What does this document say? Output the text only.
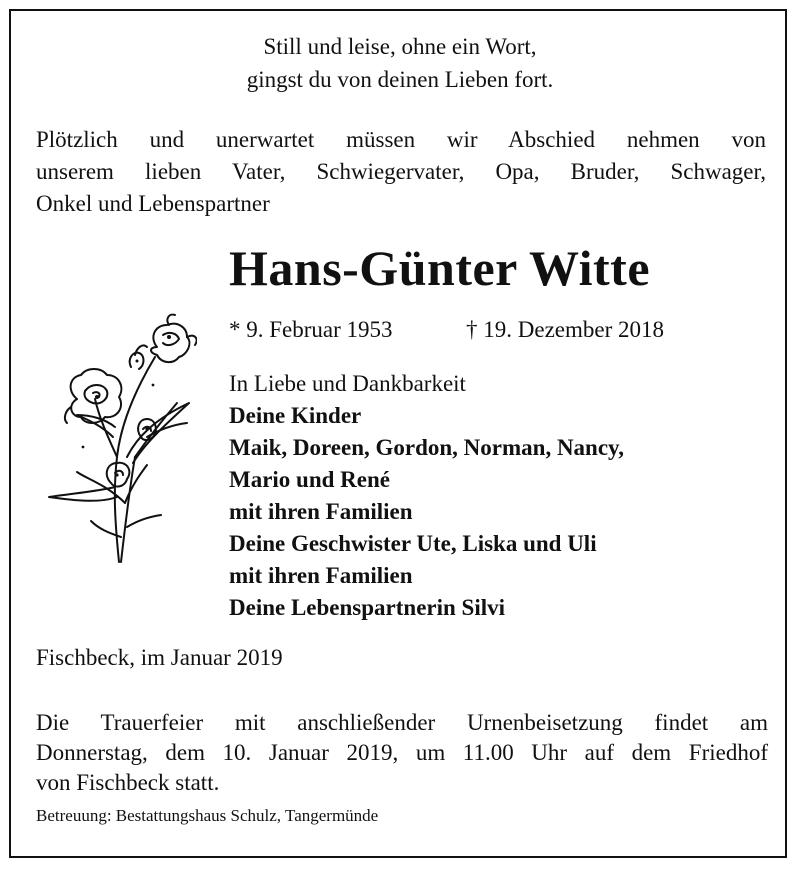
Still und leise, ohne ein Wort,
gingst du von deinen Lieben fort.
Plötzlich und unerwartet müssen wir Abschied nehmen von
unserem lieben Vater, Schwiegervater, Opa, Bruder, Schwager,
Onkel und Lebenspartner
Hans-Günter Witte
* 9. Februar 1953	† 19. Dezember 2018
In Liebe und Dankbarkeit
Deine Kinder
Maik, Doreen, Gordon, Norman, Nancy,
Mario und René
mit ihren Familien
Deine Geschwister Ute, Liska und Uli
mit ihren Familien
Deine Lebenspartnerin Silvi
Fischbeck, im Januar 2019
Die Trauerfeier mit anschließender Urnenbeisetzung findet am
Donnerstag, dem 10. Januar 2019, um 11.00 Uhr auf dem Friedhof
von Fischbeck statt.
Betreuung: Bestattungshaus Schulz, Tangermünde
